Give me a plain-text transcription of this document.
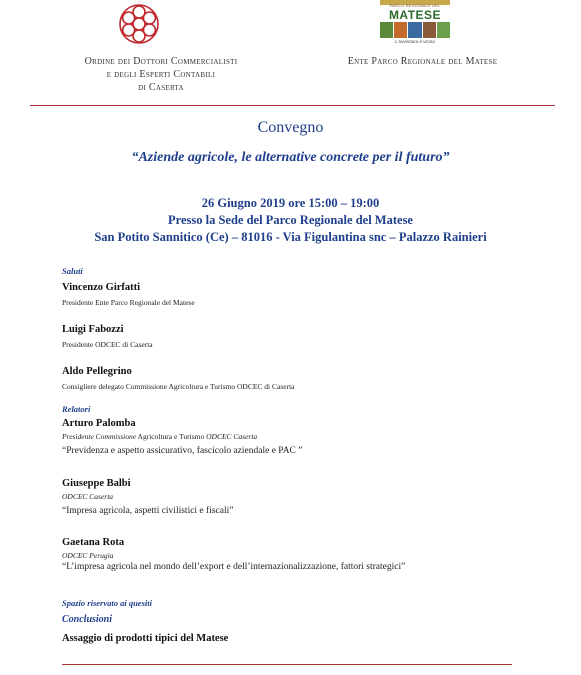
PARCO REGIONALE DEL
MATESE
L'avventura è vicina
Ordine dei Dottori Commercialisti
e degli Esperti Contabili
di Caserta
Ente Parco Regionale del Matese
Convegno
“Aziende agricole, le alternative concrete per il futuro”
26 Giugno 2019 ore 15:00 – 19:00
Presso la Sede del Parco Regionale del Matese
San Potito Sannitico (Ce) – 81016 - Via Figulantina snc – Palazzo Rainieri
Saluti
Vincenzo Girfatti
Presidente Ente Parco Regionale del Matese
Luigi Fabozzi
Presidente ODCEC di Caserta
Aldo Pellegrino
Consigliere delegato Commissione Agricoltura e Turismo ODCEC di Caserta
Relatori
Arturo Palomba
Presidente Commissione Agricoltura e Turismo ODCEC Caserta
“Previdenza e aspetto assicurativo, fascicolo aziendale e PAC ”
Giuseppe Balbi
ODCEC Caserta
“Impresa agricola, aspetti civilistici e fiscali”
Gaetana Rota
ODCEC Perugia
“L’impresa agricola nel mondo dell’export e dell’internazionalizzazione, fattori strategici”
Spazio riservato ai quesiti
Conclusioni
Assaggio di prodotti tipici del Matese
